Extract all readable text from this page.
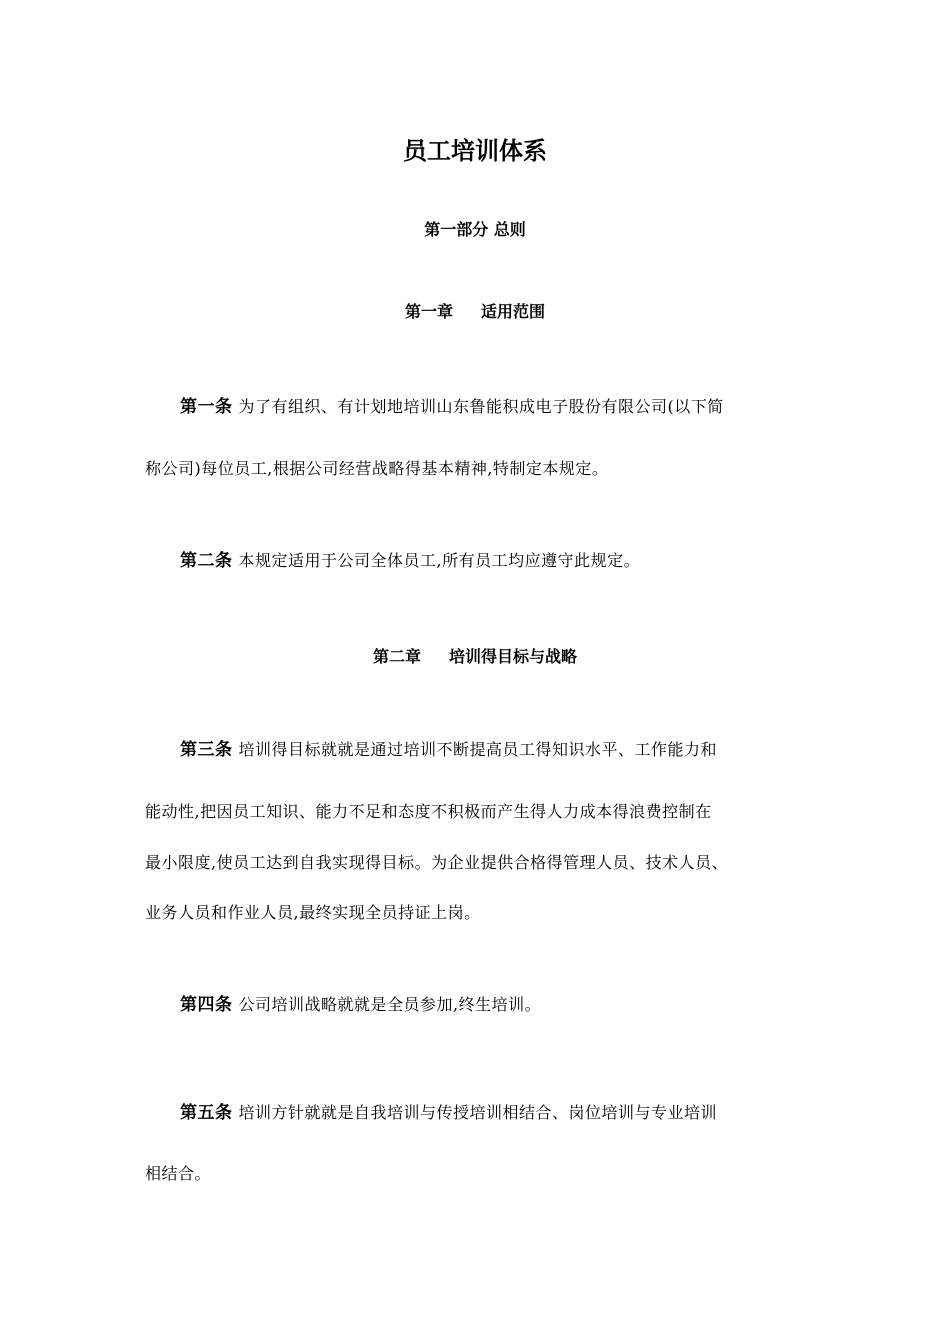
员工培训体系
第一部分 总则
第一章 适用范围
第一条 为了有组织、有计划地培训山东鲁能积成电子股份有限公司(以下简
称公司)每位员工,根据公司经营战略得基本精神,特制定本规定。
第二条 本规定适用于公司全体员工,所有员工均应遵守此规定。
第二章 培训得目标与战略
第三条 培训得目标就就是通过培训不断提高员工得知识水平、工作能力和
能动性,把因员工知识、能力不足和态度不积极而产生得人力成本得浪费控制在
最小限度,使员工达到自我实现得目标。为企业提供合格得管理人员、技术人员、
业务人员和作业人员,最终实现全员持证上岗。
第四条 公司培训战略就就是全员参加,终生培训。
第五条 培训方针就就是自我培训与传授培训相结合、岗位培训与专业培训
相结合。
